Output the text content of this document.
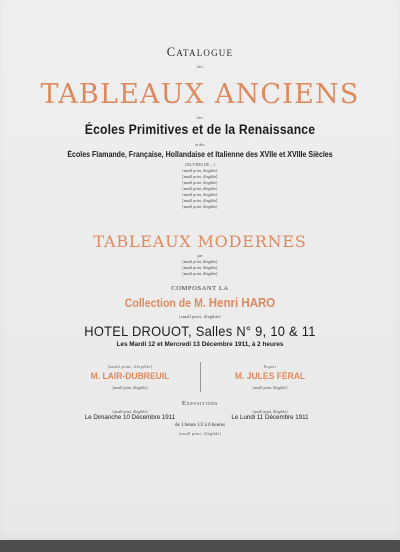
Catalogue
des
TABLEAUX ANCIENS
des
Écoles Primitives et de la Renaissance
et des
Écoles Flamande, Française, Hollandaise et Italienne des XVIIe et XVIIIe Siècles
[ŒUVRES DE ...]
[small print, illegible]
[small print, illegible]
[small print, illegible]
[small print, illegible]
[small print, illegible]
[small print, illegible]
[small print, illegible]
TABLEAUX MODERNES
par
[small print, illegible]
[small print, illegible]
[small print, illegible]
COMPOSANT LA
Collection de M. Henri HARO
[small print, illegible]
HOTEL DROUOT, Salles N° 9, 10 & 11
Les Mardi 12 et Mercredi 13 Décembre 1911, à 2 heures
[small print, illegible]
M. LAIR-DUBREUIL
[small print, illegible]
Expert
M. JULES FÉRAL
[small print, illegible]
Expositions
[small print, illegible]	[small print, illegible]
Le Dimanche 10 Décembre 1911	Le Lundi 11 Décembre 1911
de 1 heure 1/2 à 6 heures
[small print, illegible]
